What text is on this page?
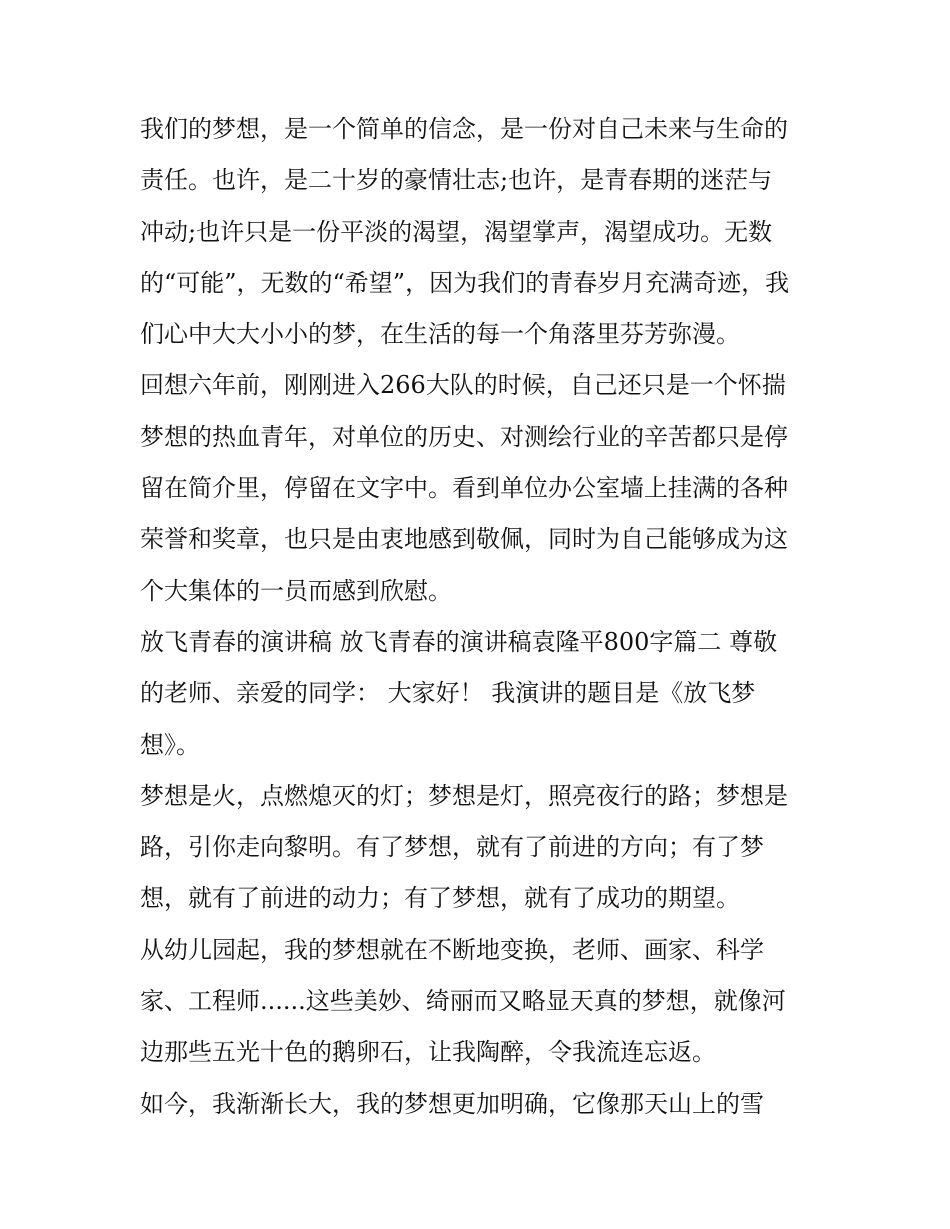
我们的梦想，是一个简单的信念，是一份对自己未来与生命的
责任。也许，是二十岁的豪情壮志;也许，是青春期的迷茫与
冲动;也许只是一份平淡的渴望，渴望掌声，渴望成功。无数
的“可能”，无数的“希望”，因为我们的青春岁月充满奇迹，我
们心中大大小小的梦，在生活的每一个角落里芬芳弥漫。
回想六年前，刚刚进入266大队的时候，自己还只是一个怀揣
梦想的热血青年，对单位的历史、对测绘行业的辛苦都只是停
留在简介里，停留在文字中。看到单位办公室墙上挂满的各种
荣誉和奖章，也只是由衷地感到敬佩，同时为自己能够成为这
个大集体的一员而感到欣慰。
放飞青春的演讲稿 放飞青春的演讲稿袁隆平800字篇二 尊敬
的老师、亲爱的同学： 大家好！ 我演讲的题目是《放飞梦
想》。
梦想是火，点燃熄灭的灯；梦想是灯，照亮夜行的路；梦想是
路，引你走向黎明。有了梦想，就有了前进的方向；有了梦
想，就有了前进的动力；有了梦想，就有了成功的期望。
从幼儿园起，我的梦想就在不断地变换，老师、画家、科学
家、工程师......这些美妙、绮丽而又略显天真的梦想，就像河
边那些五光十色的鹅卵石，让我陶醉，令我流连忘返。
如今，我渐渐长大，我的梦想更加明确，它像那天山上的雪
